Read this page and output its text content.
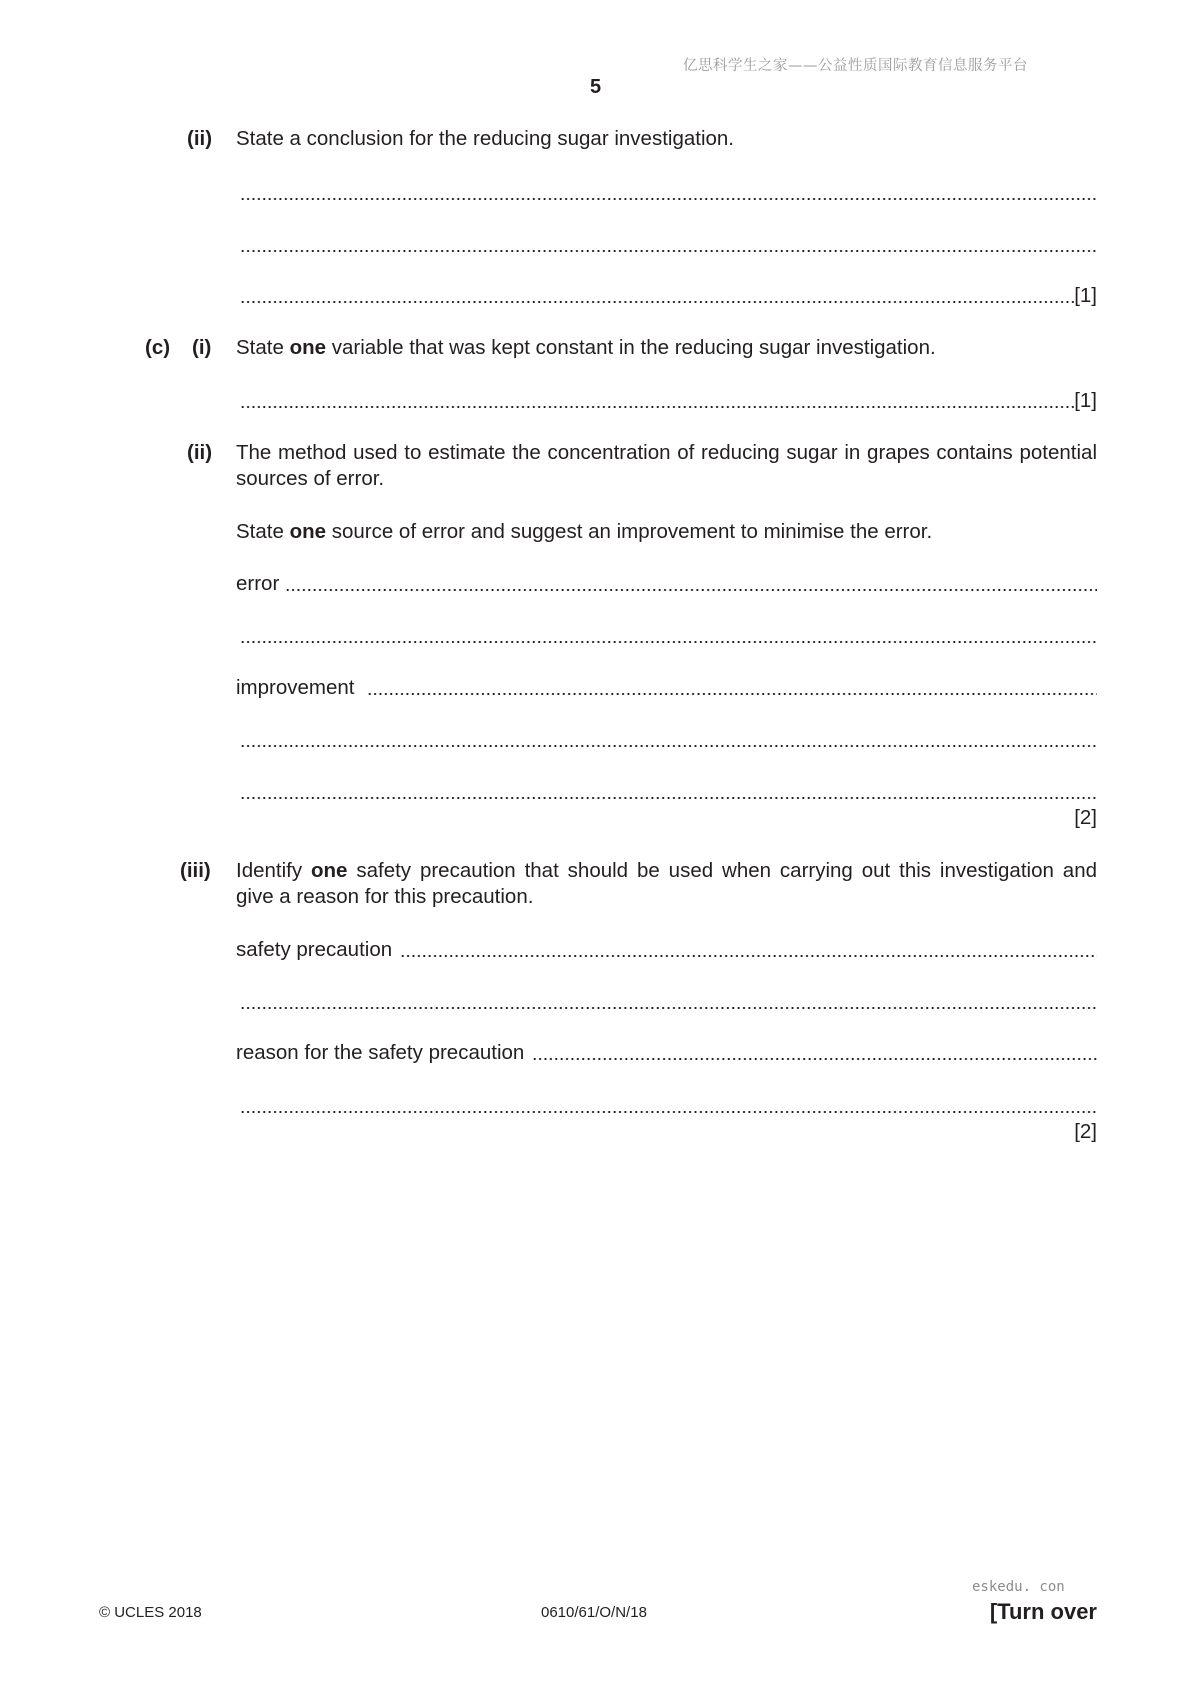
亿思科学生之家——公益性质国际教育信息服务平台
5
(ii) State a conclusion for the reducing sugar investigation.
[1]
(c) (i) State one variable that was kept constant in the reducing sugar investigation.
[1]
(ii) The method used to estimate the concentration of reducing sugar in grapes contains potential sources of error.
State one source of error and suggest an improvement to minimise the error.
error
improvement
[2]
(iii) Identify one safety precaution that should be used when carrying out this investigation and give a reason for this precaution.
safety precaution
reason for the safety precaution
[2]
eskedu. con
© UCLES 2018	0610/61/O/N/18	[Turn over
